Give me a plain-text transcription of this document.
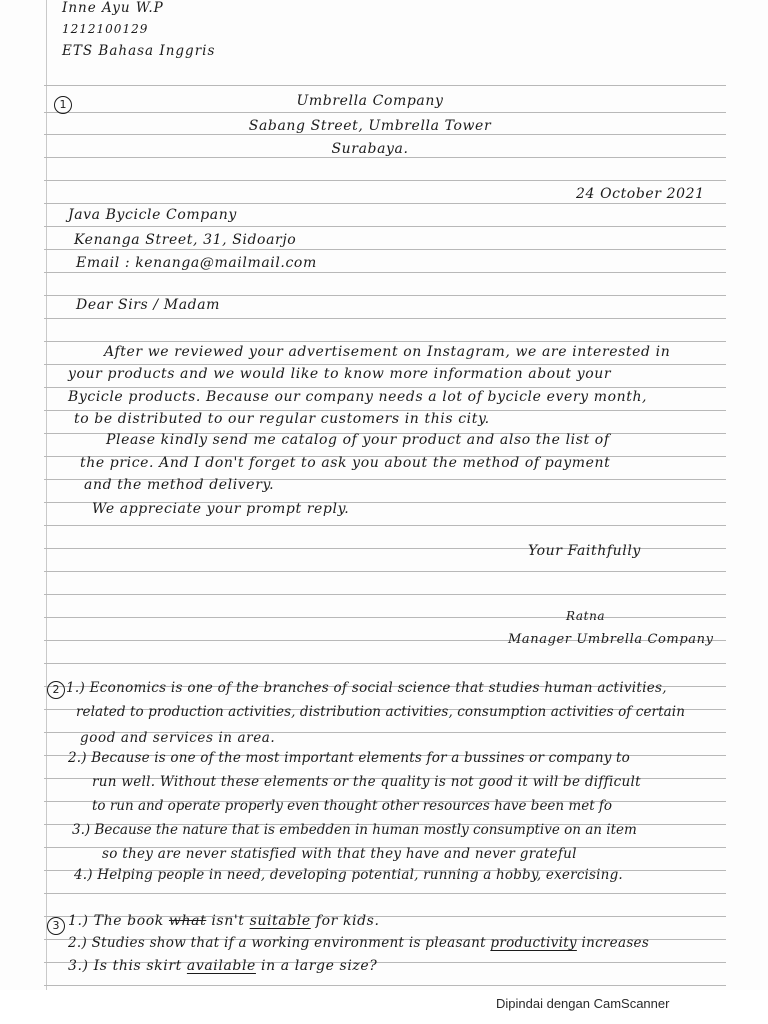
Inne Ayu W.P
1212100129
ETS Bahasa Inggris
1	Umbrella Company
Sabang Street, Umbrella Tower
Surabaya.
24 October 2021
Java Bycicle Company
Kenanga Street, 31, Sidoarjo
Email : kenanga@mailmail.com
Dear Sirs / Madam
After we reviewed your advertisement on Instagram, we are interested in
your products and we would like to know more information about your
Bycicle products. Because our company needs a lot of bycicle every month,
to be distributed to our regular customers in this city.
Please kindly send me catalog of your product and also the list of
the price. And I don't forget to ask you about the method of payment
and the method delivery.
We appreciate your prompt reply.
Your Faithfully
Ratna
Manager Umbrella Company
2 1.) Economics is one of the branches of social science that studies human activities,
related to production activities, distribution activities, consumption activities of certain
good and services in area.
2.) Because is one of the most important elements for a bussines or company to
run well. Without these elements or the quality is not good it will be difficult
to run and operate properly even thought other resources have been met fo
3.) Because the nature that is embedden in human mostly consumptive on an item
so they are never statisfied with that they have and never grateful
4.) Helping people in need, developing potential, running a hobby, exercising.
3 1.) The book what isn't suitable for kids.
2.) Studies show that if a working environment is pleasant productivity increases
3.) Is this skirt available in a large size?
Dipindai dengan CamScanner
